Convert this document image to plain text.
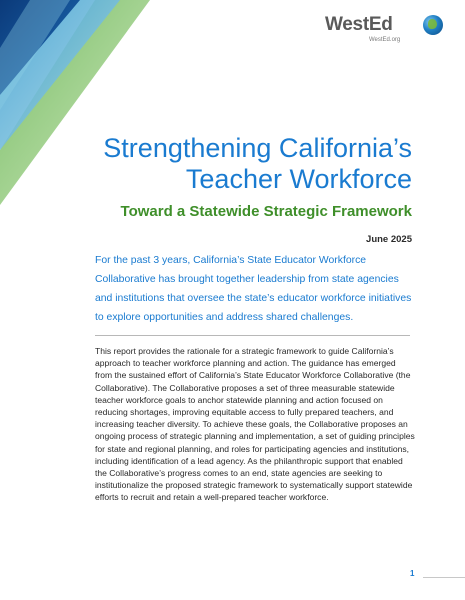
WestEd
WestEd.org
Strengthening California’s Teacher Workforce
Toward a Statewide Strategic Framework
June 2025

For the past 3 years, California’s State Educator Workforce Collaborative has brought together leadership from state agencies and institutions that oversee the state’s educator workforce initiatives to explore opportunities and address shared challenges.

This report provides the rationale for a strategic framework to guide California’s approach to teacher workforce planning and action. The guidance has emerged from the sustained effort of California’s State Educator Workforce Collaborative (the Collaborative). The Collaborative proposes a set of three measurable statewide teacher workforce goals to anchor statewide planning and action focused on reducing shortages, improving equitable access to fully prepared teachers, and increasing teacher diversity. To achieve these goals, the Collaborative proposes an ongoing process of strategic planning and implementation, a set of guiding principles for state and regional planning, and roles for participating agencies and institutions, including identification of a lead agency. As the philanthropic support that enabled the Collaborative’s progress comes to an end, state agencies are seeking to institutionalize the proposed strategic framework to systematically support statewide efforts to recruit and retain a well-prepared teacher workforce.

1
